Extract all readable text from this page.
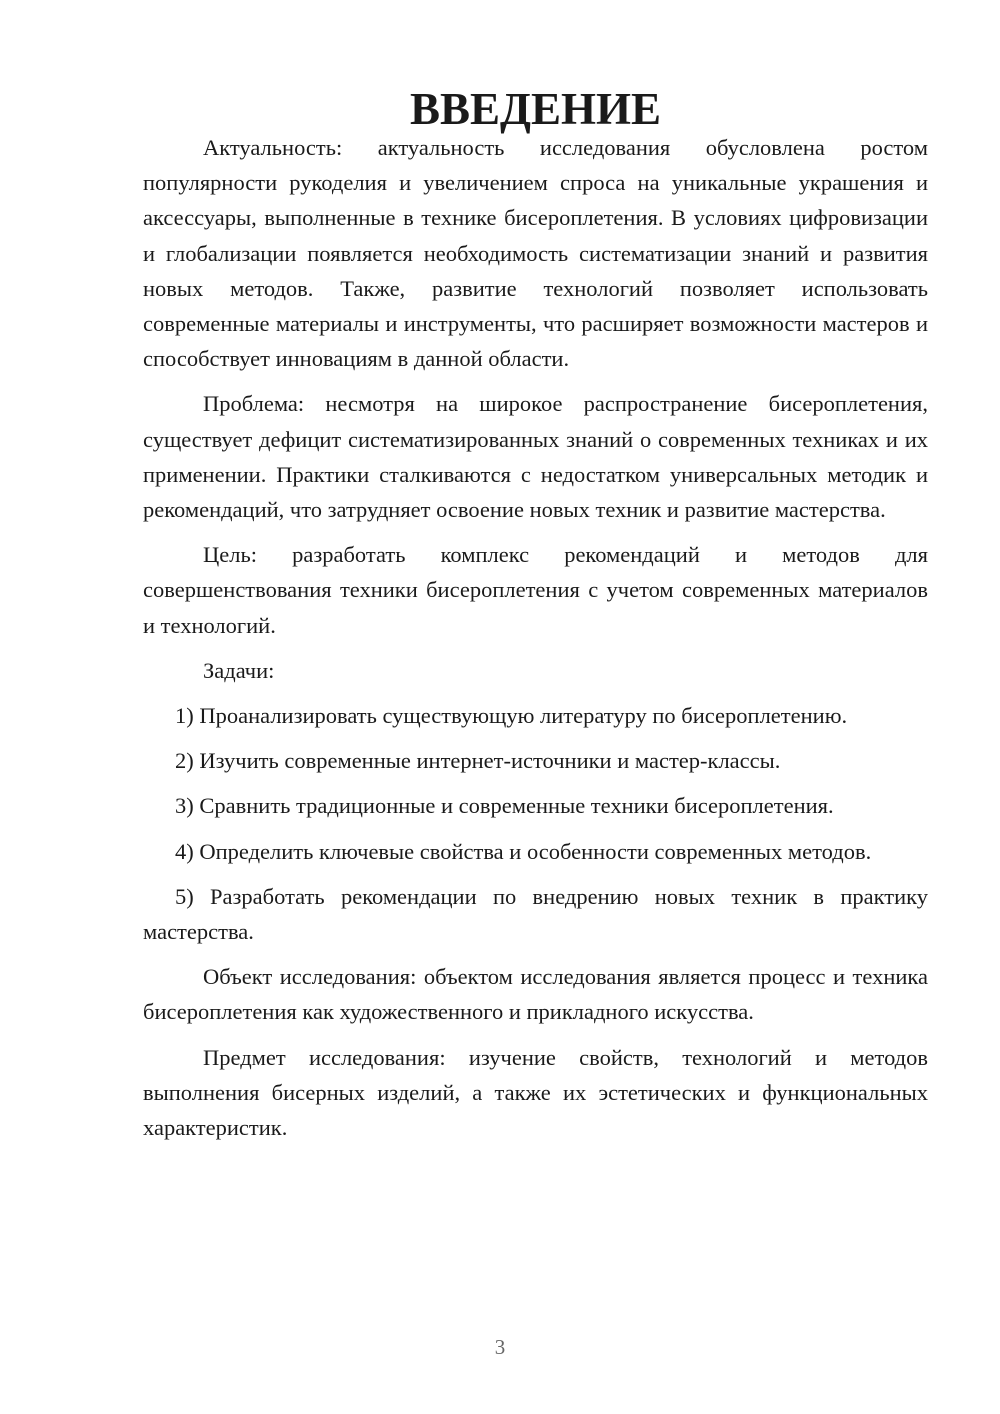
ВВЕДЕНИЕ

Актуальность: актуальность исследования обусловлена ростом популярности рукоделия и увеличением спроса на уникальные украшения и аксессуары, выполненные в технике бисероплетения. В условиях цифровизации и глобализации появляется необходимость систематизации знаний и развития новых методов. Также, развитие технологий позволяет использовать современные материалы и инструменты, что расширяет возможности мастеров и способствует инновациям в данной области.

Проблема: несмотря на широкое распространение бисероплетения, существует дефицит систематизированных знаний о современных техниках и их применении. Практики сталкиваются с недостатком универсальных методик и рекомендаций, что затрудняет освоение новых техник и развитие мастерства.

Цель: разработать комплекс рекомендаций и методов для совершенствования техники бисероплетения с учетом современных материалов и технологий.

Задачи:

1) Проанализировать существующую литературу по бисероплетению.

2) Изучить современные интернет-источники и мастер-классы.

3) Сравнить традиционные и современные техники бисероплетения.

4) Определить ключевые свойства и особенности современных методов.

5) Разработать рекомендации по внедрению новых техник в практику мастерства.

Объект исследования: объектом исследования является процесс и техника бисероплетения как художественного и прикладного искусства.

Предмет исследования: изучение свойств, технологий и методов выполнения бисерных изделий, а также их эстетических и функциональных характеристик.

3
